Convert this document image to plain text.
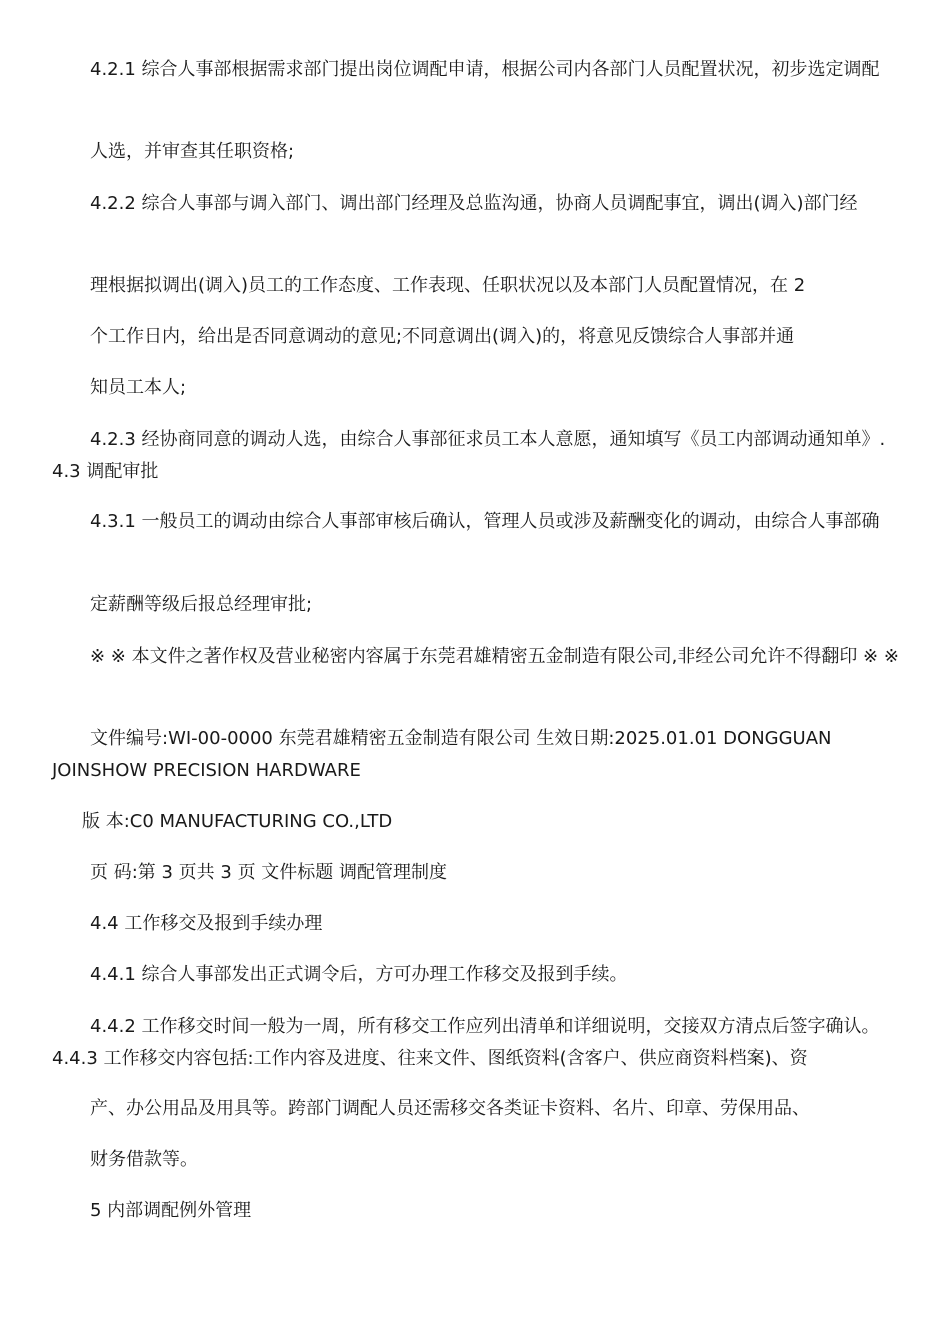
4.2.1 综合人事部根据需求部门提出岗位调配申请，根据公司内各部门人员配置状况，初步选定调配

人选，并审查其任职资格;

4.2.2 综合人事部与调入部门、调出部门经理及总监沟通，协商人员调配事宜，调出(调入)部门经

理根据拟调出(调入)员工的工作态度、工作表现、任职状况以及本部门人员配置情况，在 2

个工作日内，给出是否同意调动的意见;不同意调出(调入)的，将意见反馈综合人事部并通

知员工本人;

4.2.3 经协商同意的调动人选，由综合人事部征求员工本人意愿，通知填写《员工内部调动通知单》. 4.3 调配审批

4.3.1 一般员工的调动由综合人事部审核后确认，管理人员或涉及薪酬变化的调动，由综合人事部确

定薪酬等级后报总经理审批;

※ ※ 本文件之著作权及营业秘密内容属于东莞君雄精密五金制造有限公司,非经公司允许不得翻印 ※ ※

文件编号:WI-00-0000 东莞君雄精密五金制造有限公司 生效日期:2025.01.01 DONGGUAN JOINSHOW PRECISION HARDWARE

版 本:C0 MANUFACTURING CO.,LTD

页 码:第 3 页共 3 页 文件标题 调配管理制度

4.4 工作移交及报到手续办理

4.4.1 综合人事部发出正式调令后，方可办理工作移交及报到手续。

4.4.2 工作移交时间一般为一周，所有移交工作应列出清单和详细说明，交接双方清点后签字确认。 4.4.3 工作移交内容包括:工作内容及进度、往来文件、图纸资料(含客户、供应商资料档案)、资

产、办公用品及用具等。跨部门调配人员还需移交各类证卡资料、名片、印章、劳保用品、

财务借款等。

5 内部调配例外管理
